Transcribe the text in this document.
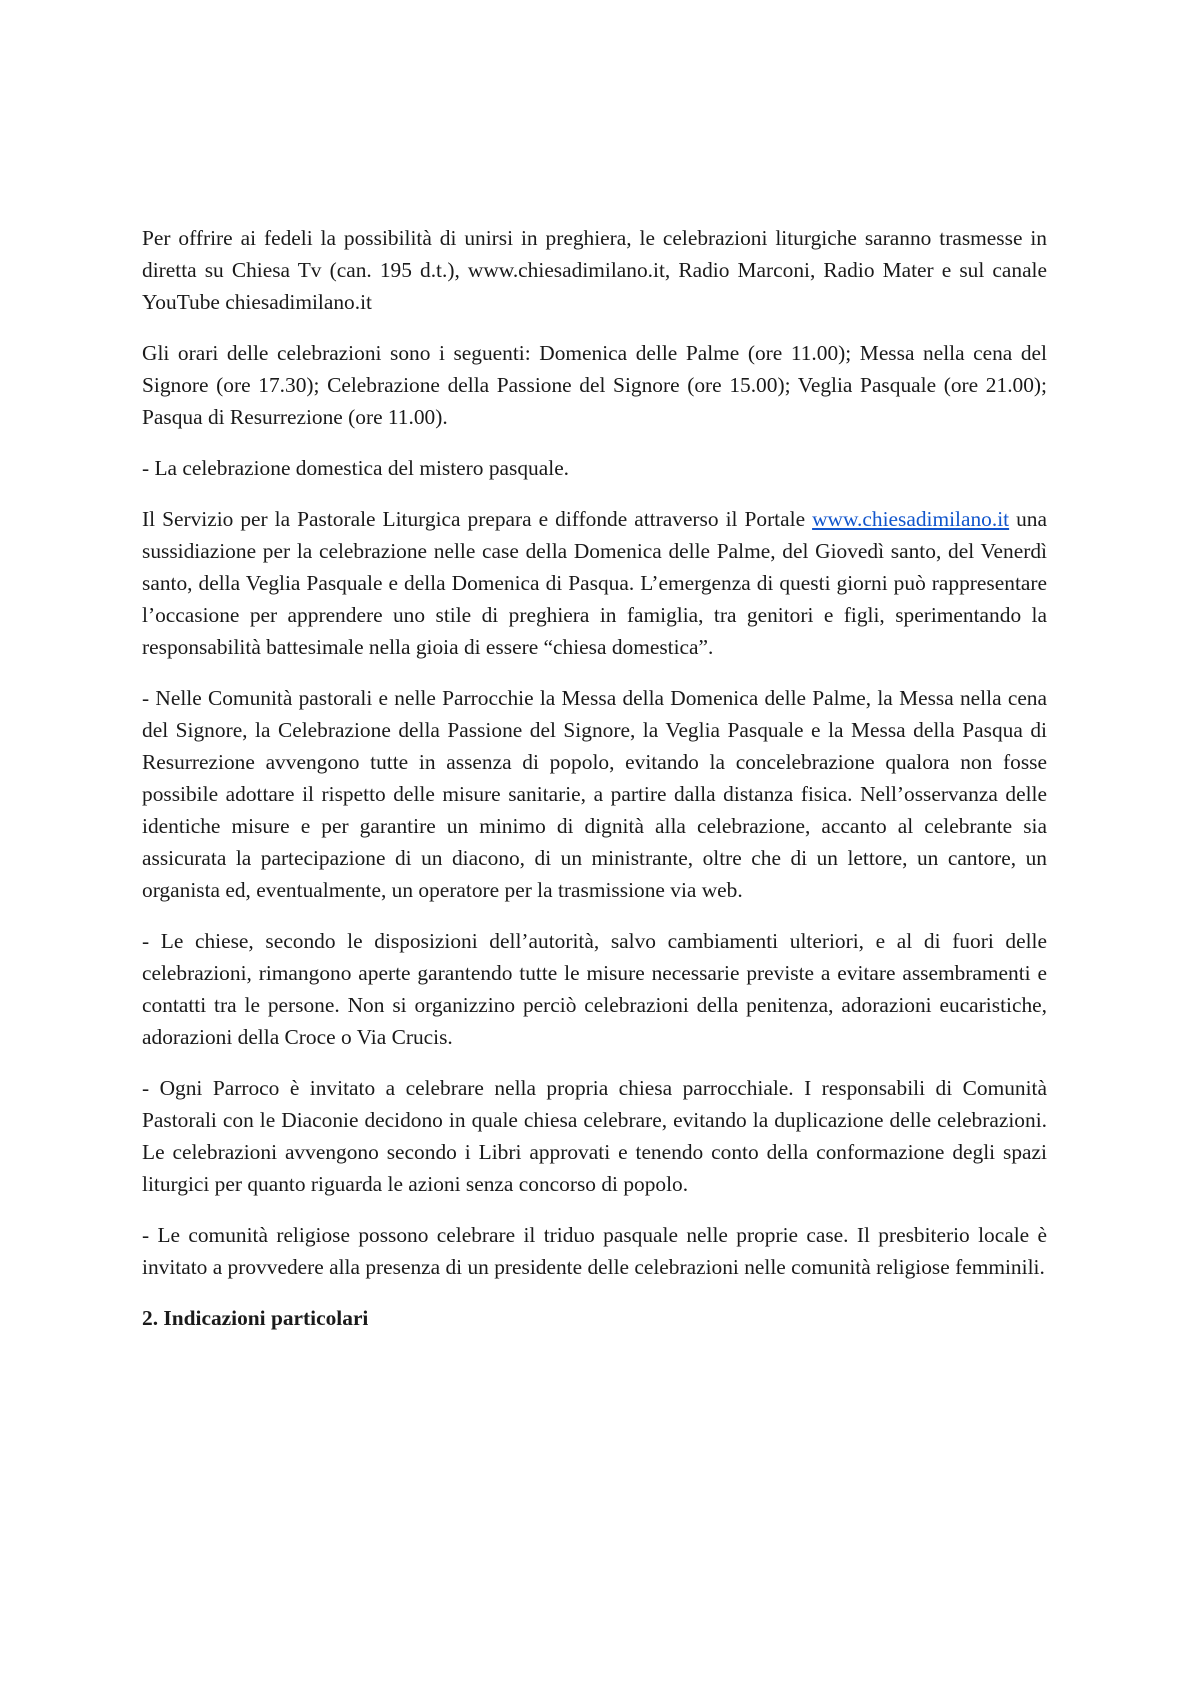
Per offrire ai fedeli la possibilità di unirsi in preghiera, le celebrazioni liturgiche saranno trasmesse in diretta su Chiesa Tv (can. 195 d.t.), www.chiesadimilano.it, Radio Marconi, Radio Mater e sul canale YouTube chiesadimilano.it

Gli orari delle celebrazioni sono i seguenti: Domenica delle Palme (ore 11.00); Messa nella cena del Signore (ore 17.30); Celebrazione della Passione del Signore (ore 15.00); Veglia Pasquale (ore 21.00); Pasqua di Resurrezione (ore 11.00).

- La celebrazione domestica del mistero pasquale.

Il Servizio per la Pastorale Liturgica prepara e diffonde attraverso il Portale www.chiesadimilano.it una sussidiazione per la celebrazione nelle case della Domenica delle Palme, del Giovedì santo, del Venerdì santo, della Veglia Pasquale e della Domenica di Pasqua. L’emergenza di questi giorni può rappresentare l’occasione per apprendere uno stile di preghiera in famiglia, tra genitori e figli, sperimentando la responsabilità battesimale nella gioia di essere “chiesa domestica”.

- Nelle Comunità pastorali e nelle Parrocchie la Messa della Domenica delle Palme, la Messa nella cena del Signore, la Celebrazione della Passione del Signore, la Veglia Pasquale e la Messa della Pasqua di Resurrezione avvengono tutte in assenza di popolo, evitando la concelebrazione qualora non fosse possibile adottare il rispetto delle misure sanitarie, a partire dalla distanza fisica. Nell’osservanza delle identiche misure e per garantire un minimo di dignità alla celebrazione, accanto al celebrante sia assicurata la partecipazione di un diacono, di un ministrante, oltre che di un lettore, un cantore, un organista ed, eventualmente, un operatore per la trasmissione via web.

- Le chiese, secondo le disposizioni dell’autorità, salvo cambiamenti ulteriori, e al di fuori delle celebrazioni, rimangono aperte garantendo tutte le misure necessarie previste a evitare assembramenti e contatti tra le persone. Non si organizzino perciò celebrazioni della penitenza, adorazioni eucaristiche, adorazioni della Croce o Via Crucis.

- Ogni Parroco è invitato a celebrare nella propria chiesa parrocchiale. I responsabili di Comunità Pastorali con le Diaconie decidono in quale chiesa celebrare, evitando la duplicazione delle celebrazioni. Le celebrazioni avvengono secondo i Libri approvati e tenendo conto della conformazione degli spazi liturgici per quanto riguarda le azioni senza concorso di popolo.

- Le comunità religiose possono celebrare il triduo pasquale nelle proprie case. Il presbiterio locale è invitato a provvedere alla presenza di un presidente delle celebrazioni nelle comunità religiose femminili.

2. Indicazioni particolari
